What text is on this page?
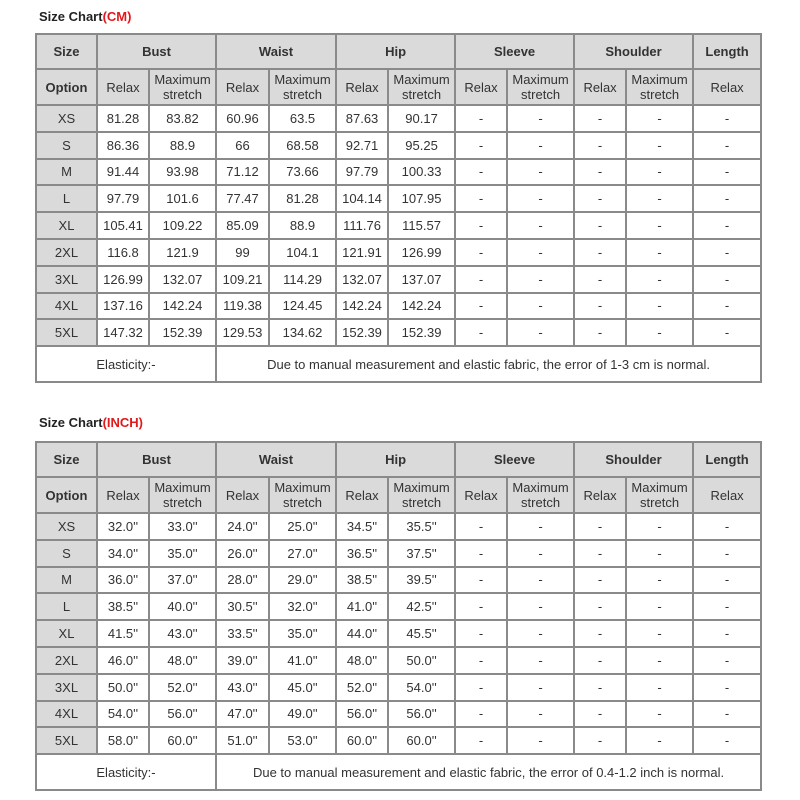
Size Chart(CM)
Size	Bust		Waist		Hip		Sleeve		Shoulder		Length
Option	Relax	Maximum stretch	Relax	Maximum stretch	Relax	Maximum stretch	Relax	Maximum stretch	Relax	Maximum stretch	Relax
XS	81.28	83.82	60.96	63.5	87.63	90.17	-	-	-	-	-
S	86.36	88.9	66	68.58	92.71	95.25	-	-	-	-	-
M	91.44	93.98	71.12	73.66	97.79	100.33	-	-	-	-	-
L	97.79	101.6	77.47	81.28	104.14	107.95	-	-	-	-	-
XL	105.41	109.22	85.09	88.9	111.76	115.57	-	-	-	-	-
2XL	116.8	121.9	99	104.1	121.91	126.99	-	-	-	-	-
3XL	126.99	132.07	109.21	114.29	132.07	137.07	-	-	-	-	-
4XL	137.16	142.24	119.38	124.45	142.24	142.24	-	-	-	-	-
5XL	147.32	152.39	129.53	134.62	152.39	152.39	-	-	-	-	-
Elasticity:-			Due to manual measurement and elastic fabric, the error of 1-3 cm is normal.								
Size Chart(INCH)
Size	Bust		Waist		Hip		Sleeve		Shoulder		Length
Option	Relax	Maximum stretch	Relax	Maximum stretch	Relax	Maximum stretch	Relax	Maximum stretch	Relax	Maximum stretch	Relax
XS	32.0''	33.0''	24.0''	25.0''	34.5''	35.5''	-	-	-	-	-
S	34.0''	35.0''	26.0''	27.0''	36.5''	37.5''	-	-	-	-	-
M	36.0''	37.0''	28.0''	29.0''	38.5''	39.5''	-	-	-	-	-
L	38.5''	40.0''	30.5''	32.0''	41.0''	42.5''	-	-	-	-	-
XL	41.5''	43.0''	33.5''	35.0''	44.0''	45.5''	-	-	-	-	-
2XL	46.0''	48.0''	39.0''	41.0''	48.0''	50.0''	-	-	-	-	-
3XL	50.0''	52.0''	43.0''	45.0''	52.0''	54.0''	-	-	-	-	-
4XL	54.0''	56.0''	47.0''	49.0''	56.0''	56.0''	-	-	-	-	-
5XL	58.0''	60.0''	51.0''	53.0''	60.0''	60.0''	-	-	-	-	-
Elasticity:-			Due to manual measurement and elastic fabric, the error of 0.4-1.2 inch is normal.								
